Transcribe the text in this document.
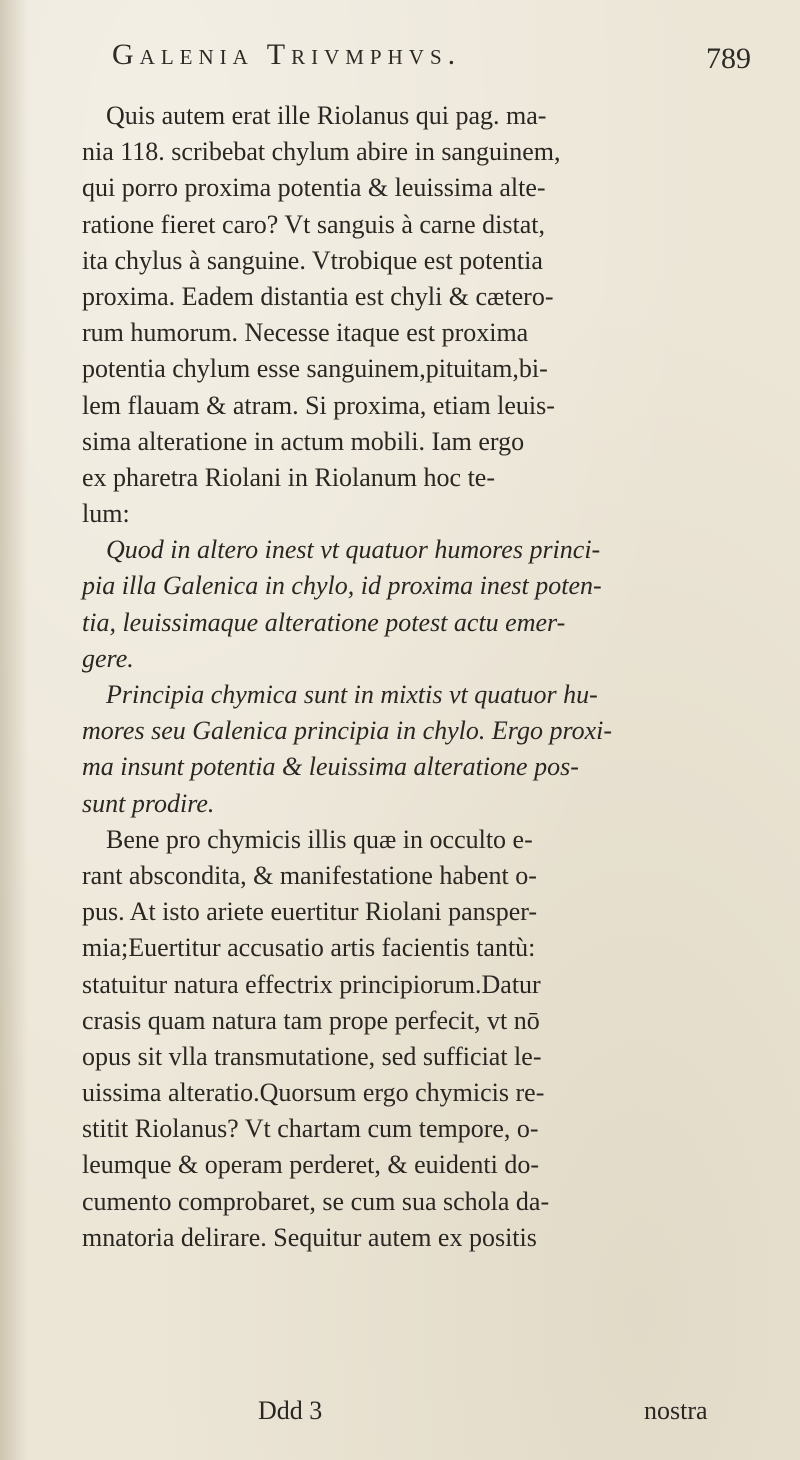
Galenia Trivmphvs.	789
Quis autem erat ille Riolanus qui pag. ma-
nia 118. scribebat chylum abire in sanguinem,
qui porro proxima potentia & leuissima alte-
ratione fieret caro? Vt sanguis à carne distat,
ita chylus à sanguine. Vtrobique est potentia
proxima. Eadem distantia est chyli & cætero-
rum humorum. Necesse itaque est proxima
potentia chylum esse sanguinem,pituitam,bi-
lem flauam & atram. Si proxima, etiam leuis-
sima alteratione in actum mobili. Iam ergo
ex pharetra Riolani in Riolanum hoc te-
lum:
Quod in altero inest vt quatuor humores princi-
pia illa Galenica in chylo, id proxima inest poten-
tia, leuissimaque alteratione potest actu emer-
gere.
Principia chymica sunt in mixtis vt quatuor hu-
mores seu Galenica principia in chylo. Ergo proxi-
ma insunt potentia & leuissima alteratione pos-
sunt prodire.
Bene pro chymicis illis quæ in occulto e-
rant abscondita, & manifestatione habent o-
pus. At isto ariete euertitur Riolani pansper-
mia;Euertitur accusatio artis facientis tantù:
statuitur natura effectrix principiorum.Datur
crasis quam natura tam prope perfecit, vt nō
opus sit vlla transmutatione, sed sufficiat le-
uissima alteratio.Quorsum ergo chymicis re-
stitit Riolanus? Vt chartam cum tempore, o-
leumque & operam perderet, & euidenti do-
cumento comprobaret, se cum sua schola da-
mnatoria delirare. Sequitur autem ex positis
Ddd 3	nostra
